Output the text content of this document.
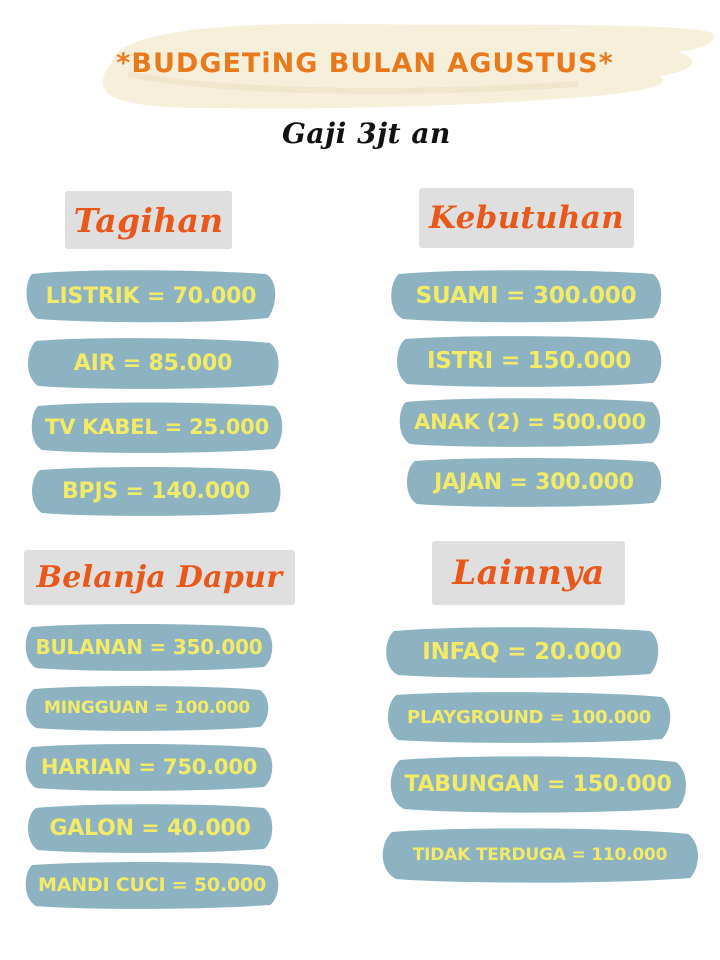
*BUDGETiNG BULAN AGUSTUS*
Gaji 3jt an
Tagihan	Kebutuhan
Belanja Dapur	Lainnya
LISTRIK = 70.000
AIR = 85.000
TV KABEL = 25.000
BPJS = 140.000
SUAMI = 300.000
ISTRI = 150.000
ANAK (2) = 500.000
JAJAN = 300.000
BULANAN = 350.000
MINGGUAN = 100.000
HARIAN = 750.000
GALON = 40.000
MANDI CUCI = 50.000
INFAQ = 20.000
PLAYGROUND = 100.000
TABUNGAN = 150.000
TIDAK TERDUGA = 110.000
